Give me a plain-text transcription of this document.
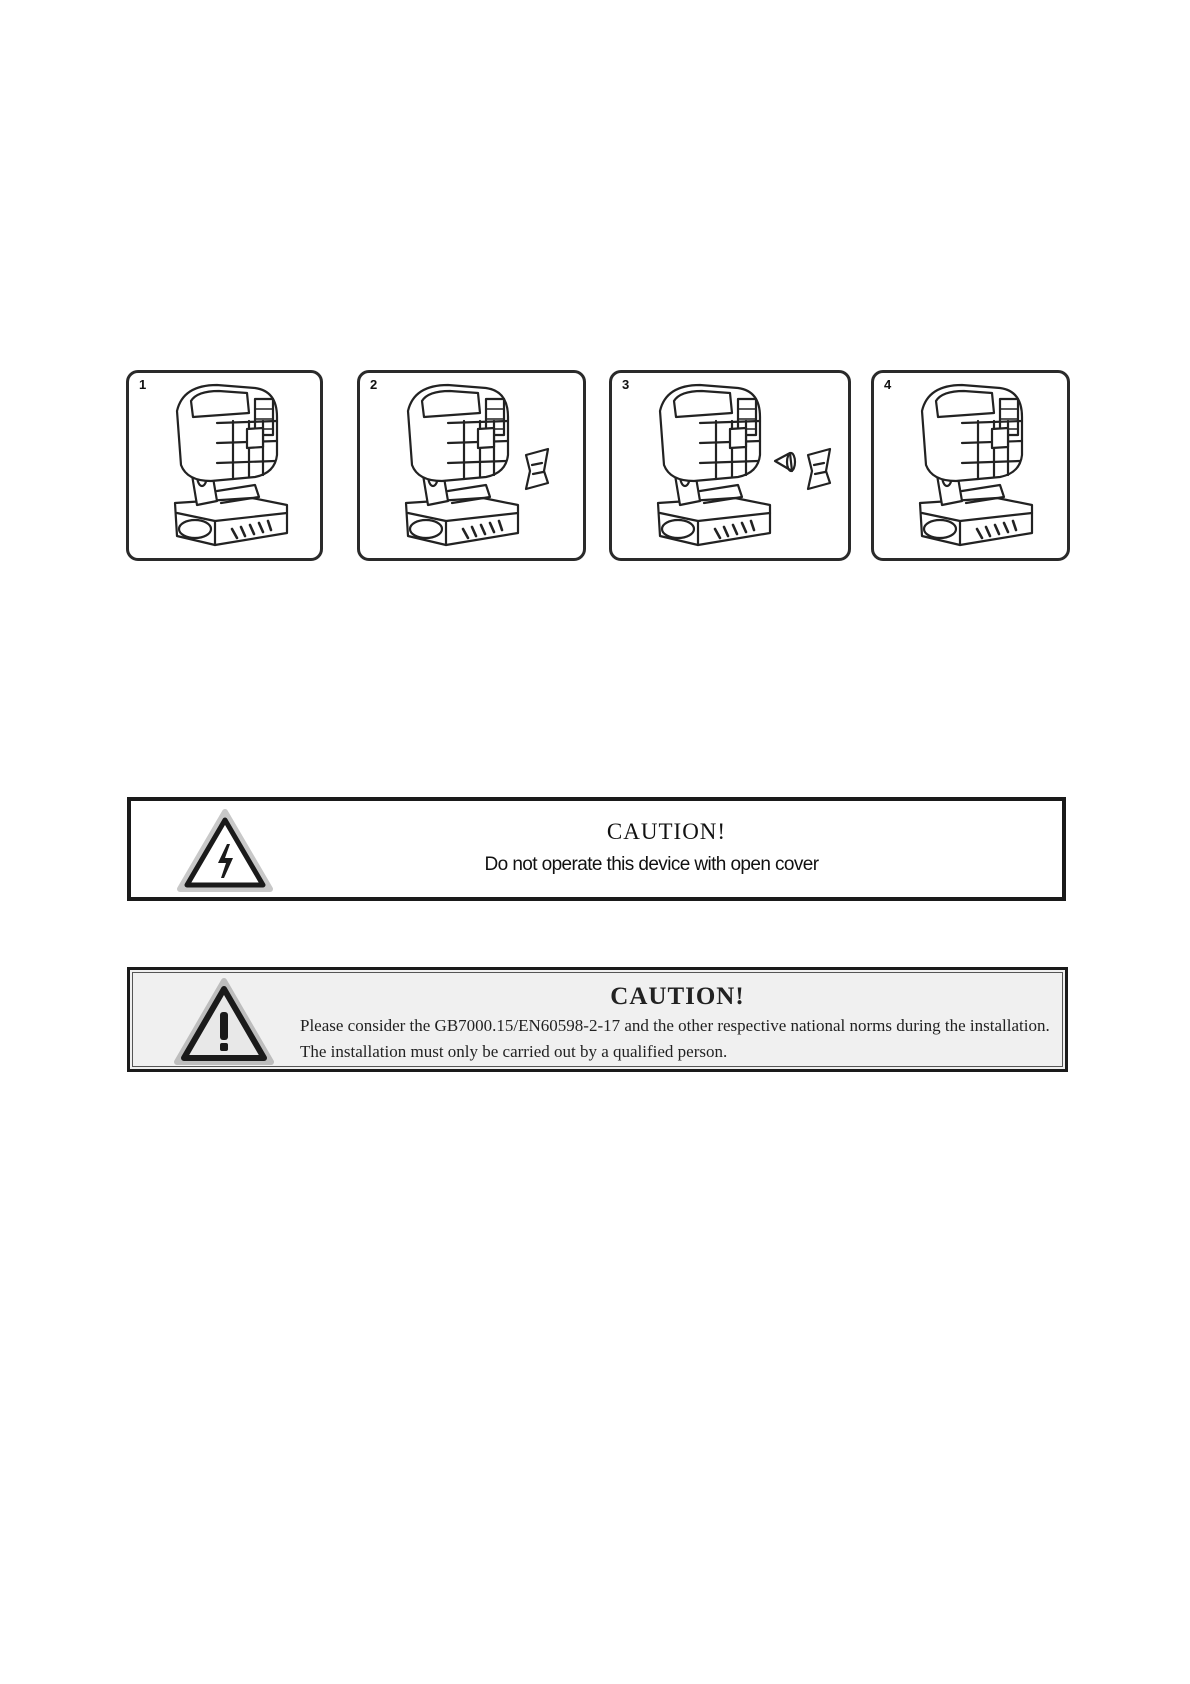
1	2	3	4
CAUTION!
Do not operate this device with open cover
CAUTION!
Please consider the GB7000.15/EN60598-2-17 and the other respective national norms during the installation. The installation must only be carried out by a qualified person.
